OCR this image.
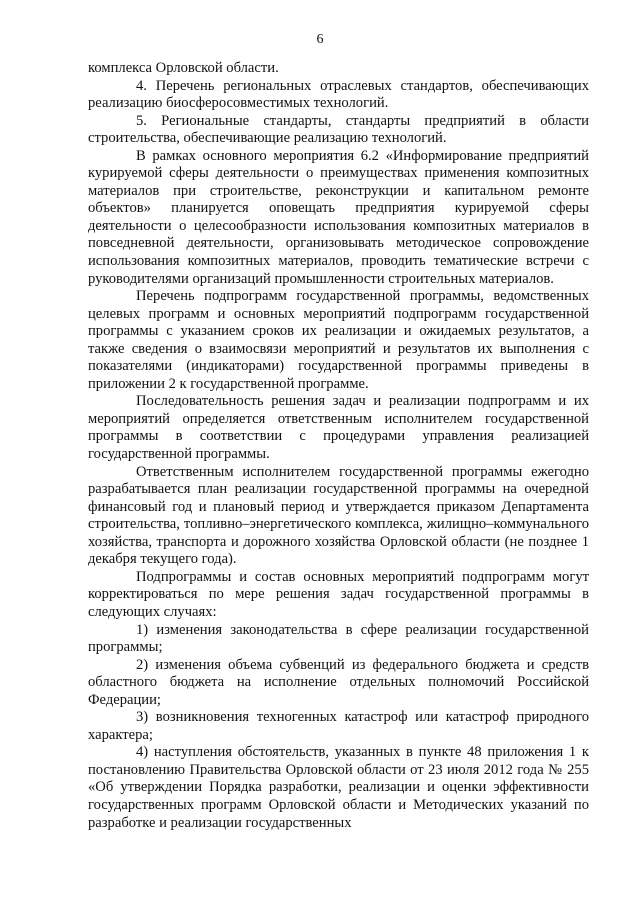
6

комплекса Орловской области.

4. Перечень региональных отраслевых стандартов, обеспечивающих реализацию биосферосовместимых технологий.

5. Региональные стандарты, стандарты предприятий в области строительства, обеспечивающие реализацию технологий.

В рамках основного мероприятия 6.2 «Информирование предприятий курируемой сферы деятельности о преимуществах применения композитных материалов при строительстве, реконструкции и капитальном ремонте объектов» планируется оповещать предприятия курируемой сферы деятельности о целесообразности использования композитных материалов в повседневной деятельности, организовывать методическое сопровождение использования композитных материалов, проводить тематические встречи с руководителями организаций промышленности строительных материалов.

Перечень подпрограмм государственной программы, ведомственных целевых программ и основных мероприятий подпрограмм государственной программы с указанием сроков их реализации и ожидаемых результатов, а также сведения о взаимосвязи мероприятий и результатов их выполнения с показателями (индикаторами) государственной программы приведены в приложении 2 к государственной программе.

Последовательность решения задач и реализации подпрограмм и их мероприятий определяется ответственным исполнителем государственной программы в соответствии с процедурами управления реализацией государственной программы.

Ответственным исполнителем государственной программы ежегодно разрабатывается план реализации государственной программы на очередной финансовый год и плановый период и утверждается приказом Департамента строительства, топливно–энергетического комплекса, жилищно–коммунального хозяйства, транспорта и дорожного хозяйства Орловской области (не позднее 1 декабря текущего года).

Подпрограммы и состав основных мероприятий подпрограмм могут корректироваться по мере решения задач государственной программы в следующих случаях:

1) изменения законодательства в сфере реализации государственной программы;

2) изменения объема субвенций из федерального бюджета и средств областного бюджета на исполнение отдельных полномочий Российской Федерации;

3) возникновения техногенных катастроф или катастроф природного характера;

4) наступления обстоятельств, указанных в пункте 48 приложения 1 к постановлению Правительства Орловской области от 23 июля 2012 года № 255 «Об утверждении Порядка разработки, реализации и оценки эффективности государственных программ Орловской области и Методических указаний по разработке и реализации государственных
